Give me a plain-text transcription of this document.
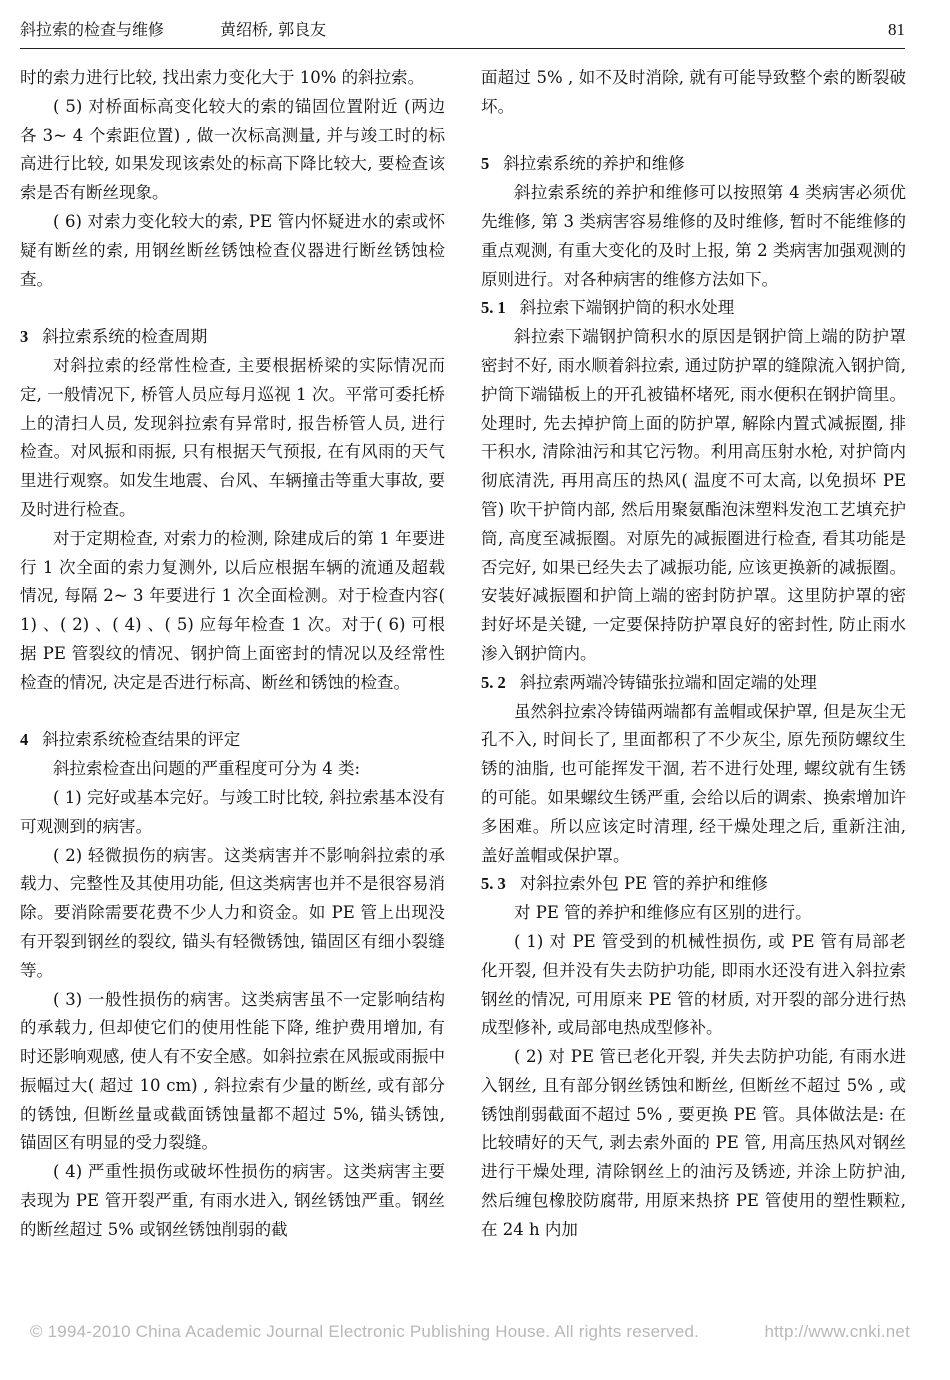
斜拉索的检查与维修	黄绍桥, 郭良友	81

时的索力进行比较, 找出索力变化大于 10% 的斜拉索。

( 5) 对桥面标高变化较大的索的锚固位置附近 (两边各 3~ 4 个索距位置) , 做一次标高测量, 并与竣工时的标高进行比较, 如果发现该索处的标高下降比较大, 要检查该索是否有断丝现象。

( 6) 对索力变化较大的索, PE 管内怀疑进水的索或怀疑有断丝的索, 用钢丝断丝锈蚀检查仪器进行断丝锈蚀检查。

3 斜拉索系统的检查周期

对斜拉索的经常性检查, 主要根据桥梁的实际情况而定, 一般情况下, 桥管人员应每月巡视 1 次。平常可委托桥上的清扫人员, 发现斜拉索有异常时, 报告桥管人员, 进行检查。对风振和雨振, 只有根据天气预报, 在有风雨的天气里进行观察。如发生地震、台风、车辆撞击等重大事故, 要及时进行检查。

对于定期检查, 对索力的检测, 除建成后的第 1 年要进行 1 次全面的索力复测外, 以后应根据车辆的流通及超载情况, 每隔 2~ 3 年要进行 1 次全面检测。对于检查内容( 1) 、( 2) 、( 4) 、( 5) 应每年检查 1 次。对于( 6) 可根据 PE 管裂纹的情况、钢护筒上面密封的情况以及经常性检查的情况, 决定是否进行标高、断丝和锈蚀的检查。

4 斜拉索系统检查结果的评定

斜拉索检查出问题的严重程度可分为 4 类:

( 1) 完好或基本完好。与竣工时比较, 斜拉索基本没有可观测到的病害。

( 2) 轻微损伤的病害。这类病害并不影响斜拉索的承载力、完整性及其使用功能, 但这类病害也并不是很容易消除。要消除需要花费不少人力和资金。如 PE 管上出现没有开裂到钢丝的裂纹, 锚头有轻微锈蚀, 锚固区有细小裂缝等。

( 3) 一般性损伤的病害。这类病害虽不一定影响结构的承载力, 但却使它们的使用性能下降, 维护费用增加, 有时还影响观感, 使人有不安全感。如斜拉索在风振或雨振中振幅过大( 超过 10 cm) , 斜拉索有少量的断丝, 或有部分的锈蚀, 但断丝量或截面锈蚀量都不超过 5%, 锚头锈蚀, 锚固区有明显的受力裂缝。

( 4) 严重性损伤或破坏性损伤的病害。这类病害主要表现为 PE 管开裂严重, 有雨水进入, 钢丝锈蚀严重。钢丝的断丝超过 5% 或钢丝锈蚀削弱的截

面超过 5% , 如不及时消除, 就有可能导致整个索的断裂破坏。

5 斜拉索系统的养护和维修

斜拉索系统的养护和维修可以按照第 4 类病害必须优先维修, 第 3 类病害容易维修的及时维修, 暂时不能维修的重点观测, 有重大变化的及时上报, 第 2 类病害加强观测的原则进行。对各种病害的维修方法如下。

5. 1 斜拉索下端钢护筒的积水处理

斜拉索下端钢护筒积水的原因是钢护筒上端的防护罩密封不好, 雨水顺着斜拉索, 通过防护罩的缝隙流入钢护筒, 护筒下端锚板上的开孔被锚杯堵死, 雨水便积在钢护筒里。处理时, 先去掉护筒上面的防护罩, 解除内置式减振圈, 排干积水, 清除油污和其它污物。利用高压射水枪, 对护筒内彻底清洗, 再用高压的热风( 温度不可太高, 以免损坏 PE 管) 吹干护筒内部, 然后用聚氨酯泡沫塑料发泡工艺填充护筒, 高度至减振圈。对原先的减振圈进行检查, 看其功能是否完好, 如果已经失去了减振功能, 应该更换新的减振圈。安装好减振圈和护筒上端的密封防护罩。这里防护罩的密封好坏是关键, 一定要保持防护罩良好的密封性, 防止雨水渗入钢护筒内。

5. 2 斜拉索两端冷铸锚张拉端和固定端的处理

虽然斜拉索冷铸锚两端都有盖帽或保护罩, 但是灰尘无孔不入, 时间长了, 里面都积了不少灰尘, 原先预防螺纹生锈的油脂, 也可能挥发干涸, 若不进行处理, 螺纹就有生锈的可能。如果螺纹生锈严重, 会给以后的调索、换索增加许多困难。所以应该定时清理, 经干燥处理之后, 重新注油, 盖好盖帽或保护罩。

5. 3 对斜拉索外包 PE 管的养护和维修

对 PE 管的养护和维修应有区别的进行。

( 1) 对 PE 管受到的机械性损伤, 或 PE 管有局部老化开裂, 但并没有失去防护功能, 即雨水还没有进入斜拉索钢丝的情况, 可用原来 PE 管的材质, 对开裂的部分进行热成型修补, 或局部电热成型修补。

( 2) 对 PE 管已老化开裂, 并失去防护功能, 有雨水进入钢丝, 且有部分钢丝锈蚀和断丝, 但断丝不超过 5% , 或锈蚀削弱截面不超过 5% , 要更换 PE 管。具体做法是: 在比较晴好的天气, 剥去索外面的 PE 管, 用高压热风对钢丝进行干燥处理, 清除钢丝上的油污及锈迹, 并涂上防护油, 然后缠包橡胶防腐带, 用原来热挤 PE 管使用的塑性颗粒, 在 24 h 内加

© 1994-2010 China Academic Journal Electronic Publishing House. All rights reserved.	http://www.cnki.net
